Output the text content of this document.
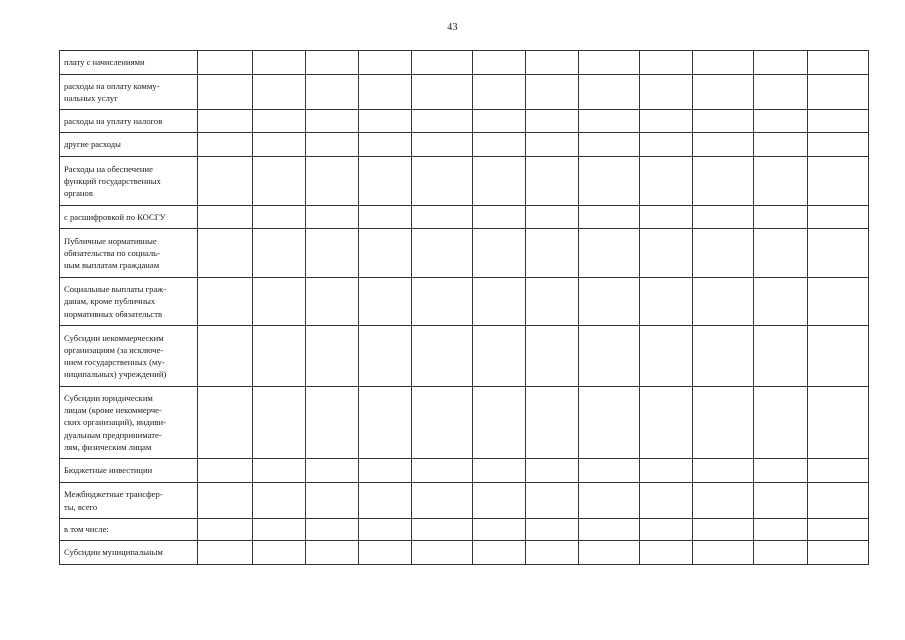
43
плату с начислениями												

расходы на оплату комму-
нальных услуг												

расходы на уплату налогов												

другие расходы												

Расходы на обеспечение
функций государственных
органов												

с расшифровкой по КОСГУ												

Публичные нормативные
обязательства по социаль-
ным выплатам гражданам												

Социальные выплаты граж-
данам, кроме публичных
нормативных обязательств												

Субсидии некоммерческим
организациям (за исключе-
нием государственных (му-
ниципальных) учреждений)												

Субсидии юридическим
лицам (кроме некоммерче-
ских организаций), индиви-
дуальным предпринимате-
лям, физическим лицам												

Бюджетные инвестиции												

Межбюджетные трансфер-
ты, всего												

в том числе:												

Субсидии муниципальным												
